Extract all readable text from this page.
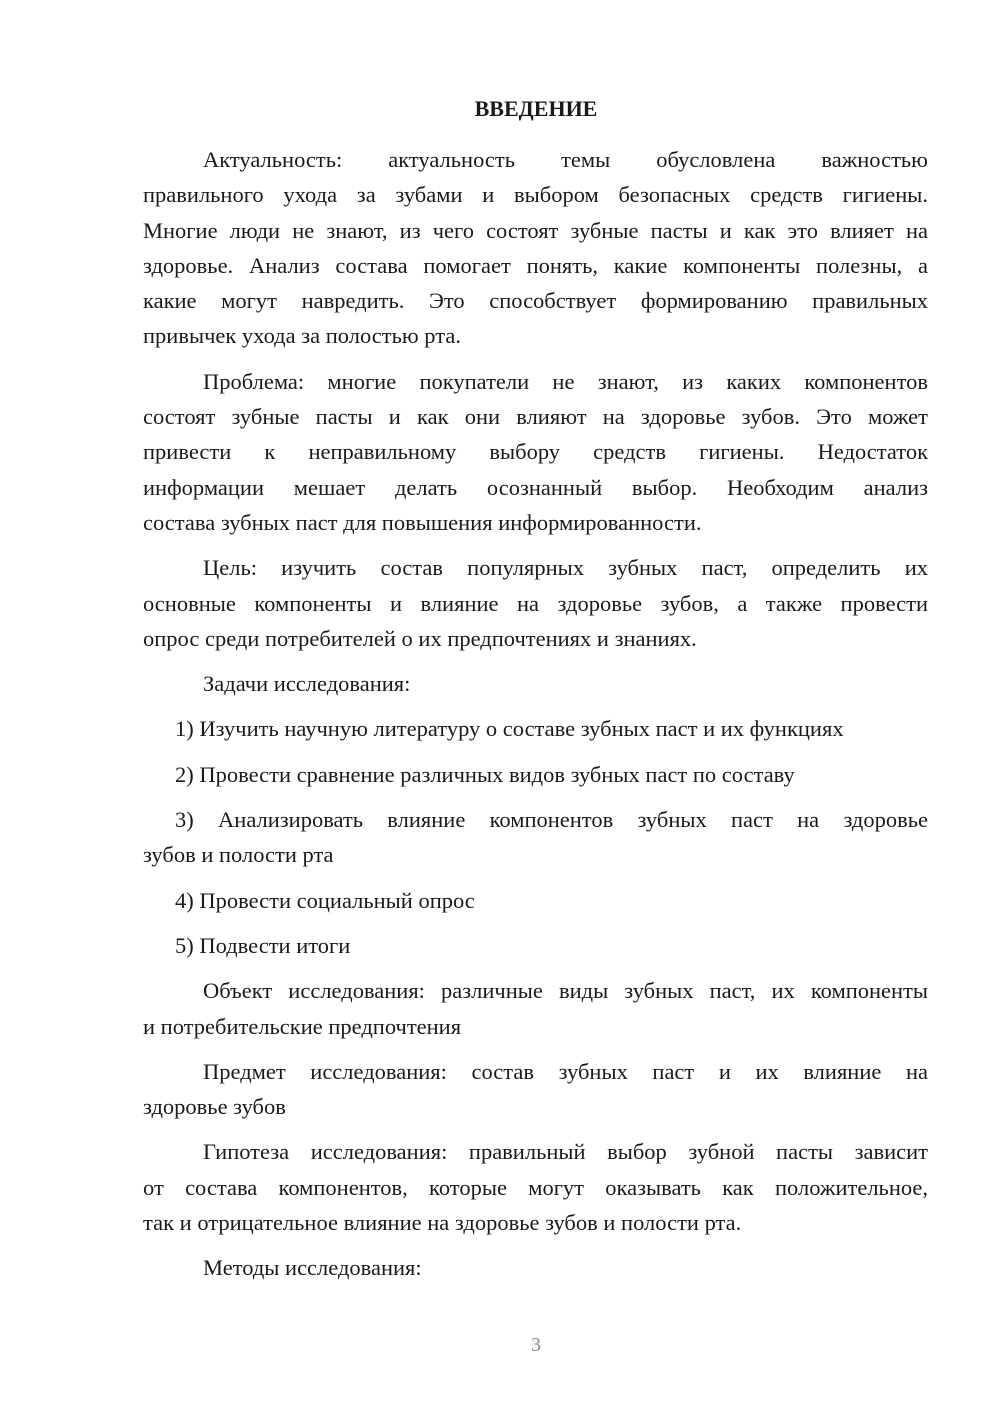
ВВЕДЕНИЕ
Актуальность: актуальность темы обусловлена важностью
правильного ухода за зубами и выбором безопасных средств гигиены.
Многие люди не знают, из чего состоят зубные пасты и как это влияет на
здоровье. Анализ состава помогает понять, какие компоненты полезны, а
какие могут навредить. Это способствует формированию правильных
привычек ухода за полостью рта.
Проблема: многие покупатели не знают, из каких компонентов
состоят зубные пасты и как они влияют на здоровье зубов. Это может
привести к неправильному выбору средств гигиены. Недостаток
информации мешает делать осознанный выбор. Необходим анализ
состава зубных паст для повышения информированности.
Цель: изучить состав популярных зубных паст, определить их
основные компоненты и влияние на здоровье зубов, а также провести
опрос среди потребителей о их предпочтениях и знаниях.
Задачи исследования:
1) Изучить научную литературу о составе зубных паст и их функциях
2) Провести сравнение различных видов зубных паст по составу
3) Анализировать влияние компонентов зубных паст на здоровье
зубов и полости рта
4) Провести социальный опрос
5) Подвести итоги
Объект исследования: различные виды зубных паст, их компоненты
и потребительские предпочтения
Предмет исследования: состав зубных паст и их влияние на
здоровье зубов
Гипотеза исследования: правильный выбор зубной пасты зависит
от состава компонентов, которые могут оказывать как положительное,
так и отрицательное влияние на здоровье зубов и полости рта.
Методы исследования:
3
